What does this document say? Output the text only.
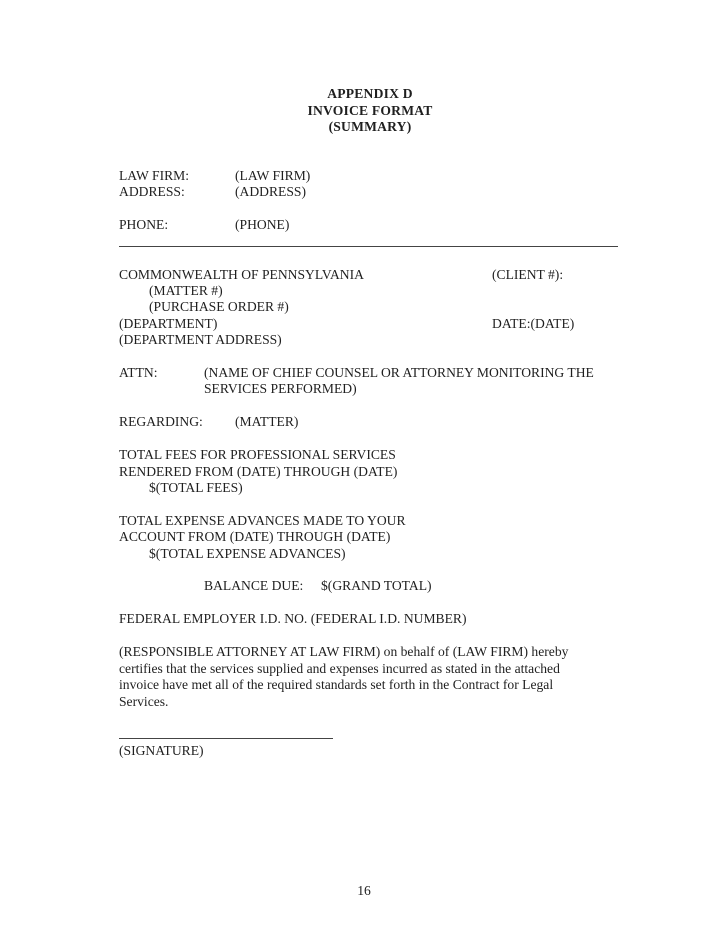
APPENDIX D

INVOICE FORMAT

(SUMMARY)

LAW FIRM:	(LAW FIRM)

ADDRESS:	(ADDRESS)

PHONE:	(PHONE)

COMMONWEALTH OF PENNSYLVANIA	(CLIENT #):

(MATTER #)

(PURCHASE ORDER #)

(DEPARTMENT)	DATE:(DATE)

(DEPARTMENT ADDRESS)

ATTN:	(NAME OF CHIEF COUNSEL OR ATTORNEY MONITORING THE

SERVICES PERFORMED)

REGARDING: (MATTER)

TOTAL FEES FOR PROFESSIONAL SERVICES

RENDERED FROM (DATE) THROUGH (DATE)

$(TOTAL FEES)

TOTAL EXPENSE ADVANCES MADE TO YOUR

ACCOUNT FROM (DATE) THROUGH (DATE)

$(TOTAL EXPENSE ADVANCES)

BALANCE DUE: $(GRAND TOTAL)

FEDERAL EMPLOYER I.D. NO. (FEDERAL I.D. NUMBER)

(RESPONSIBLE ATTORNEY AT LAW FIRM) on behalf of (LAW FIRM) hereby certifies that the services supplied and expenses incurred as stated in the attached invoice have met all of the required standards set forth in the Contract for Legal Services.

(SIGNATURE)

16
